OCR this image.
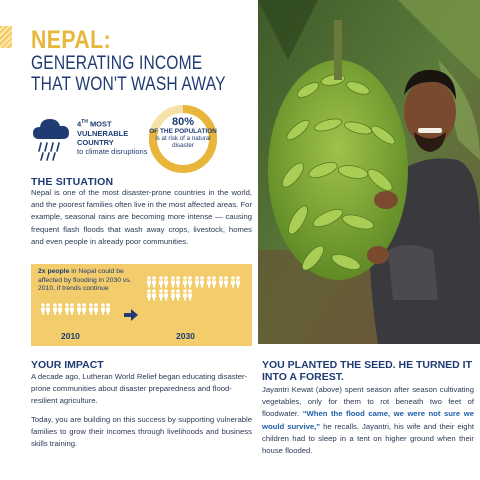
NEPAL:
GENERATING INCOME
THAT WON'T WASH AWAY
4TH MOST VULNERABLE COUNTRY
to climate disruptions
80%
OF THE POPULATION
is at risk of a natural disaster
THE SITUATION
Nepal is one of the most disaster-prone countries in the world, and the poorest families often live in the most affected areas. For example, seasonal rains are becoming more intense — causing frequent flash floods that wash away crops, livestock, homes and even people in already poor communities.
2x people in Nepal could be affected by flooding in 2030 vs. 2010, if trends continue
2010	2030
YOUR IMPACT
A decade ago, Lutheran World Relief began educating disaster-prone communities about disaster preparedness and flood-resilient agriculture.
Today, you are building on this success by supporting vulnerable families to grow their incomes through livelihoods and business skills training.
YOU PLANTED THE SEED. HE TURNED IT INTO A FOREST.
Jayantri Kewat (above) spent season after season cultivating vegetables, only for them to rot beneath two feet of floodwater. “When the flood came, we were not sure we would survive,” he recalls. Jayantri, his wife and their eight children had to sleep in a tent on higher ground when their house flooded.
